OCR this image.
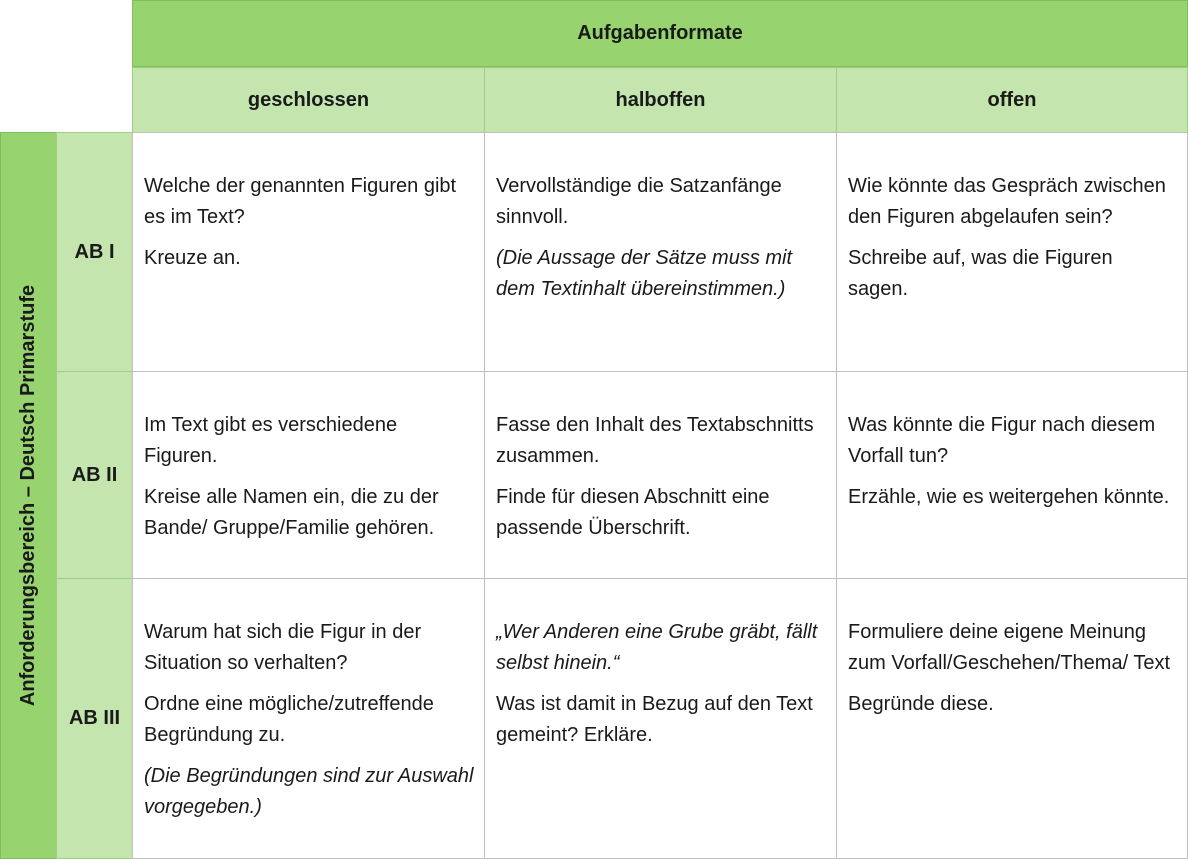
Aufgabenformate
geschlossen	halboffen	offen
Anforderungsbereich – Deutsch Primarstufe
AB I
AB II
AB III

Welche der genannten Figuren gibt es im Text?

Kreuze an.

Vervollständige die Satzanfänge sinnvoll.

(Die Aussage der Sätze muss mit dem Textinhalt übereinstimmen.)

Wie könnte das Gespräch zwischen den Figuren abgelaufen sein?

Schreibe auf, was die Figuren sagen.

Im Text gibt es verschiedene Figuren.

Kreise alle Namen ein, die zu der Bande/ Gruppe/Familie gehören.

Fasse den Inhalt des Textabschnitts zusammen.

Finde für diesen Abschnitt eine passende Überschrift.

Was könnte die Figur nach diesem Vorfall tun?

Erzähle, wie es weitergehen könnte.

Warum hat sich die Figur in der Situation so verhalten?

Ordne eine mögliche/zutreffende Begründung zu.

(Die Begründungen sind zur Auswahl vorgegeben.)

„Wer Anderen eine Grube gräbt, fällt selbst hinein.“

Was ist damit in Bezug auf den Text gemeint? Erkläre.

Formuliere deine eigene Meinung zum Vorfall/Geschehen/Thema/ Text

Begründe diese.
